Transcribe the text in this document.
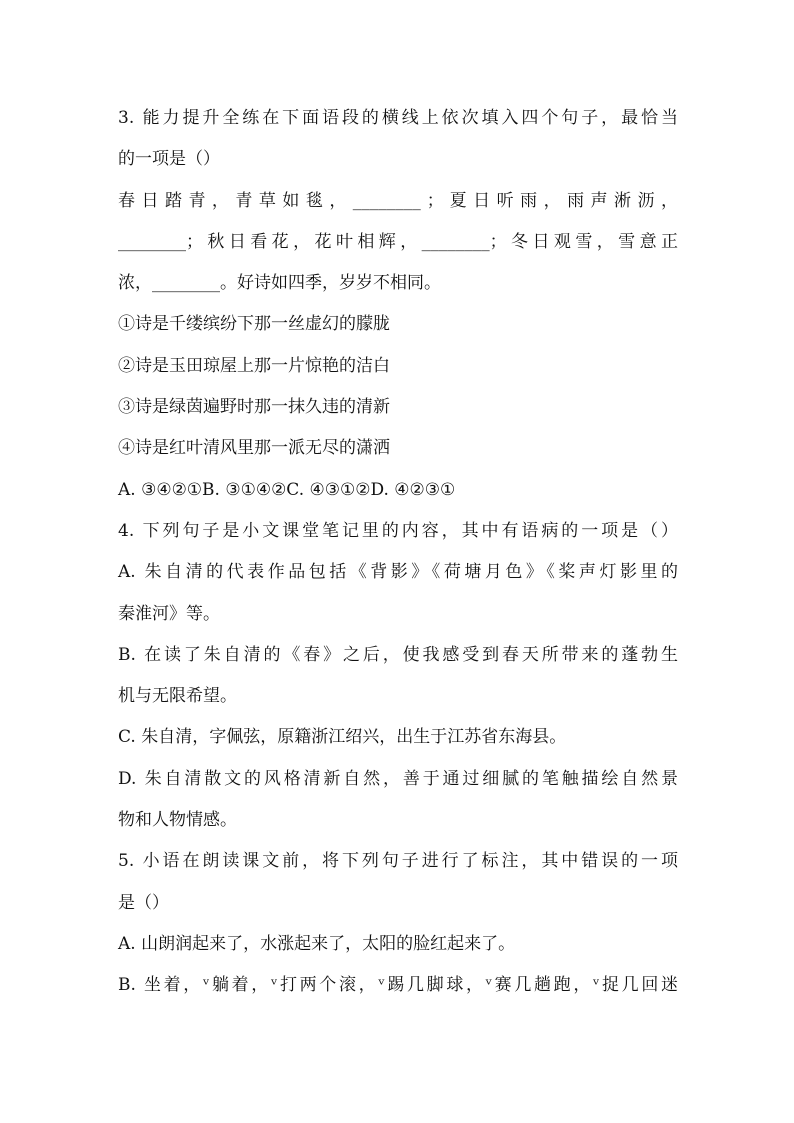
3. 能力提升全练在下面语段的横线上依次填入四个句子，最恰当
的一项是（）
春 日 踏 青 ， 青 草 如 毯 ， ________ ； 夏 日 听 雨 ， 雨 声 淅 沥 ，
________；秋日看花，花叶相辉，________；冬日观雪，雪意正
浓，________。好诗如四季，岁岁不相同。
①诗是千缕缤纷下那一丝虚幻的朦胧
②诗是玉田琼屋上那一片惊艳的洁白
③诗是绿茵遍野时那一抹久违的清新
④诗是红叶清风里那一派无尽的潇洒
A. ③④②①B. ③①④②C. ④③①②D. ④②③①
4. 下列句子是小文课堂笔记里的内容，其中有语病的一项是（）
A. 朱自清的代表作品包括《背影》《荷塘月色》《桨声灯影里的
秦淮河》等。
B. 在读了朱自清的《春》之后，使我感受到春天所带来的蓬勃生
机与无限希望。
C. 朱自清，字佩弦，原籍浙江绍兴，出生于江苏省东海县。
D. 朱自清散文的风格清新自然，善于通过细腻的笔触描绘自然景
物和人物情感。
5. 小语在朗读课文前，将下列句子进行了标注，其中错误的一项
是（）
A. 山朗润起来了，水涨起来了，太阳的脸红起来了。
B. 坐着，ᵛ躺着，ᵛ打两个滚，ᵛ踢几脚球，ᵛ赛几趟跑，ᵛ捉几回迷
